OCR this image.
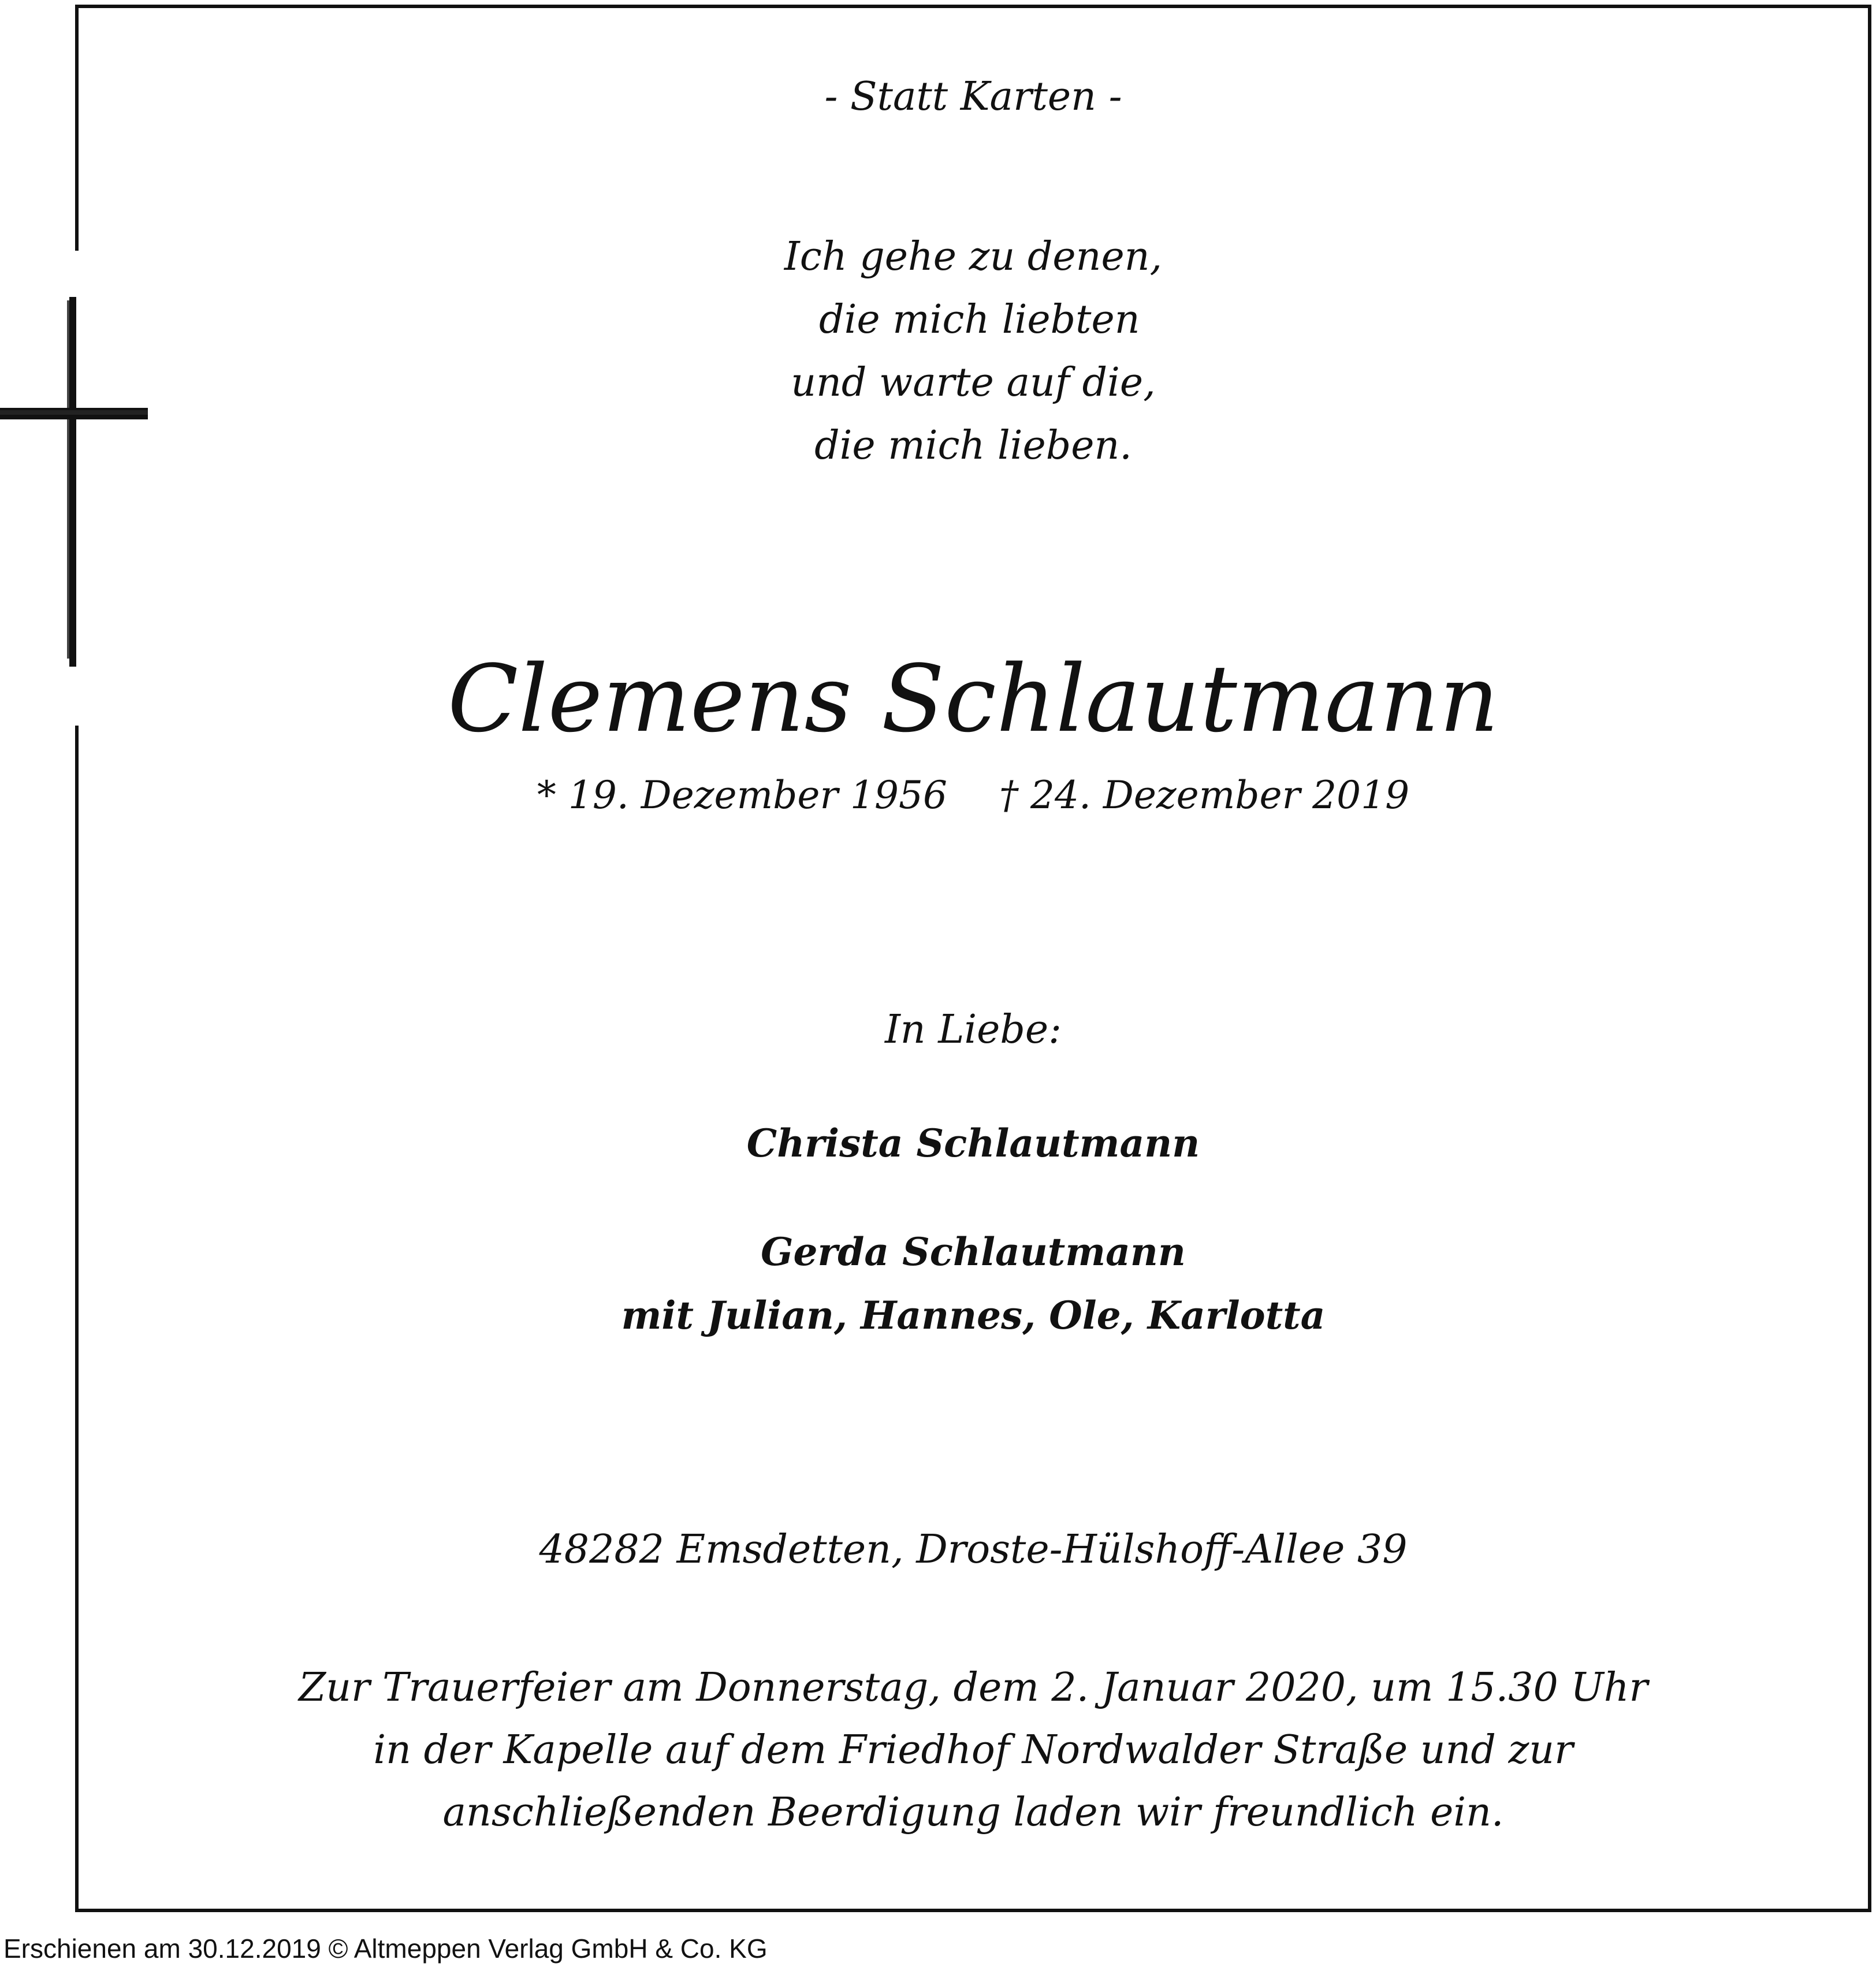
- Statt Karten -
Ich gehe zu denen,
die mich liebten
und warte auf die,
die mich lieben.
Clemens Schlautmann
* 19. Dezember 1956 † 24. Dezember 2019
In Liebe:
Christa Schlautmann
Gerda Schlautmann
mit Julian, Hannes, Ole, Karlotta
48282 Emsdetten, Droste-Hülshoff-Allee 39
Zur Trauerfeier am Donnerstag, dem 2. Januar 2020, um 15.30 Uhr
in der Kapelle auf dem Friedhof Nordwalder Straße und zur
anschließenden Beerdigung laden wir freundlich ein.
Erschienen am 30.12.2019 © Altmeppen Verlag GmbH & Co. KG
